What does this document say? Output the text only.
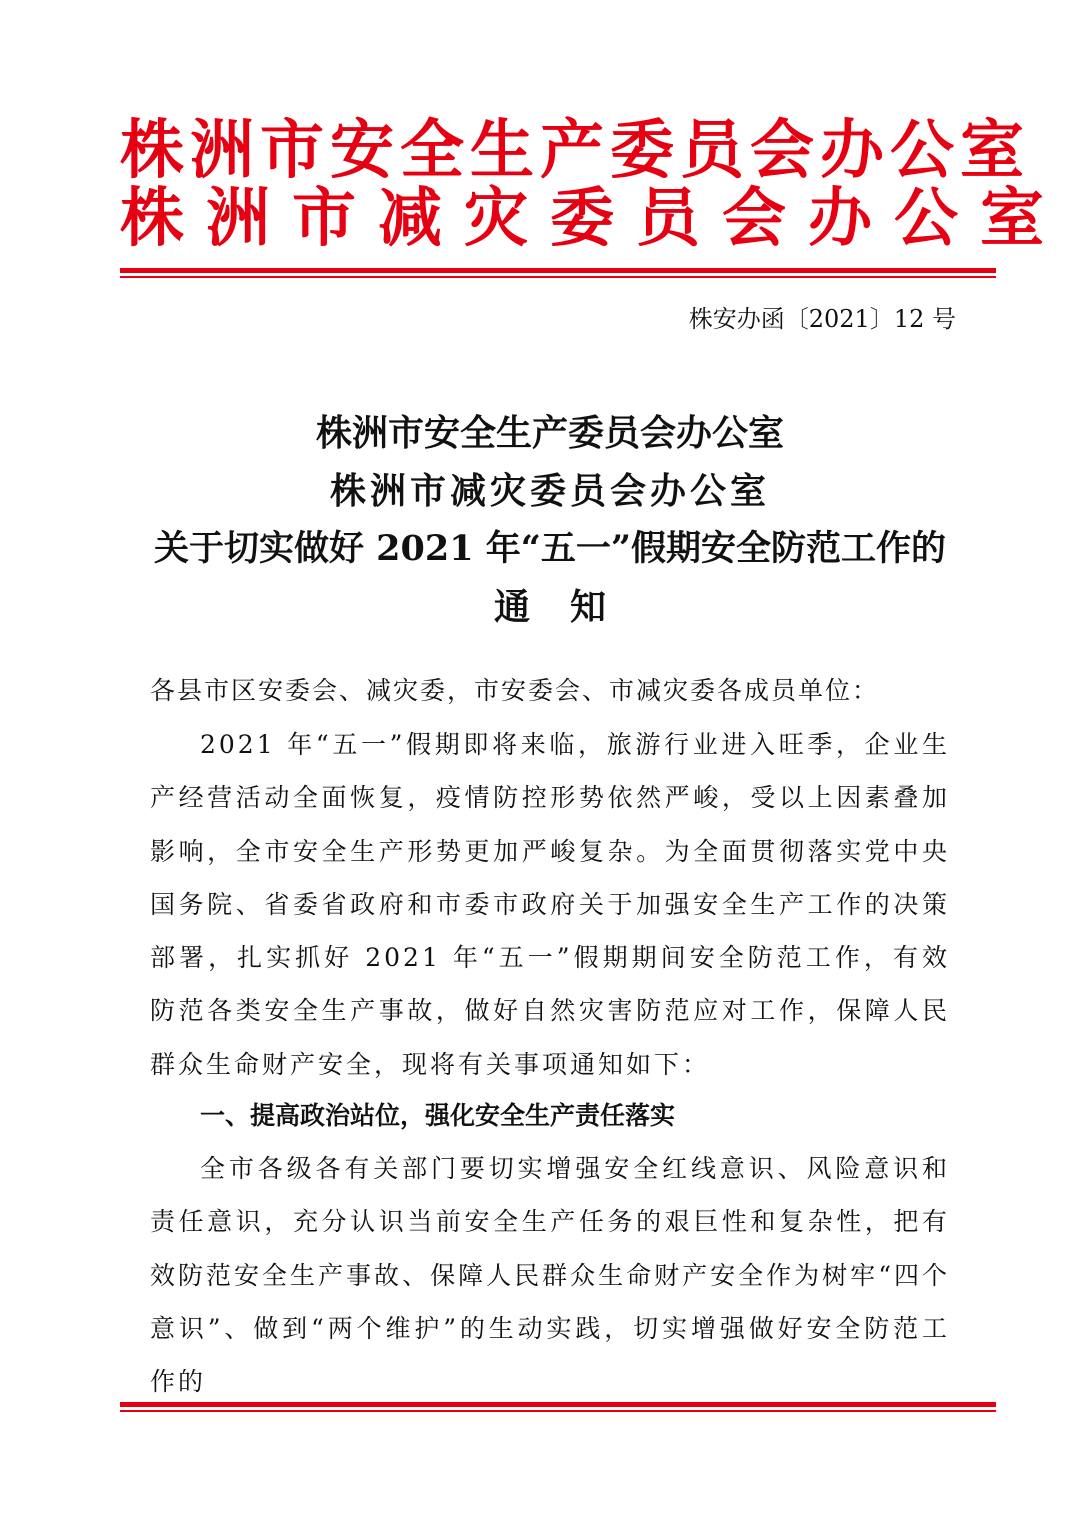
株洲市安全生产委员会办公室
株洲市减灾委员会办公室
株安办函〔2021〕12 号
株洲市安全生产委员会办公室
株洲市减灾委员会办公室
关于切实做好 2021 年“五一”假期安全防范工作的
通知
各县市区安委会、减灾委，市安委会、市减灾委各成员单位：

2021 年“五一”假期即将来临，旅游行业进入旺季，企业生产经营活动全面恢复，疫情防控形势依然严峻，受以上因素叠加影响，全市安全生产形势更加严峻复杂。为全面贯彻落实党中央国务院、省委省政府和市委市政府关于加强安全生产工作的决策部署，扎实抓好 2021 年“五一”假期期间安全防范工作，有效防范各类安全生产事故，做好自然灾害防范应对工作，保障人民群众生命财产安全，现将有关事项通知如下：

一、提高政治站位，强化安全生产责任落实

全市各级各有关部门要切实增强安全红线意识、风险意识和责任意识，充分认识当前安全生产任务的艰巨性和复杂性，把有效防范安全生产事故、保障人民群众生命财产安全作为树牢“四个意识”、做到“两个维护”的生动实践，切实增强做好安全防范工作的
